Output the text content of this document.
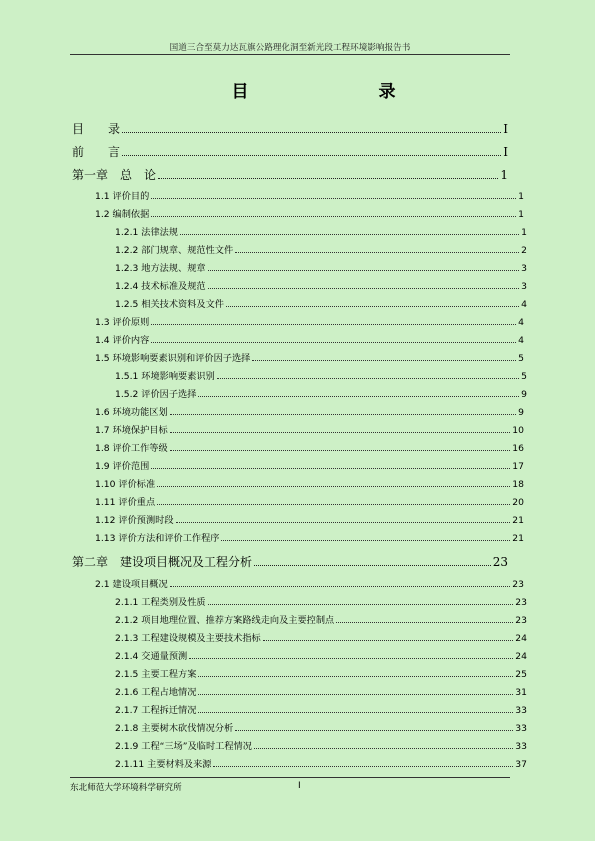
国道三合至莫力达瓦旗公路理化洞至新光段工程环境影响报告书
目　　录
目　　录	Ⅰ
前　　言	Ⅰ
第一章　总　论	1
1.1 评价目的	1
1.2 编制依据	1
1.2.1 法律法规	1
1.2.2 部门规章、规范性文件	2
1.2.3 地方法规、规章	3
1.2.4 技术标准及规范	3
1.2.5 相关技术资料及文件	4
1.3 评价原则	4
1.4 评价内容	4
1.5 环境影响要素识别和评价因子选择	5
1.5.1 环境影响要素识别	5
1.5.2 评价因子选择	9
1.6 环境功能区划	9
1.7 环境保护目标	10
1.8 评价工作等级	16
1.9 评价范围	17
1.10 评价标准	18
1.11 评价重点	20
1.12 评价预测时段	21
1.13 评价方法和评价工作程序	21
第二章　建设项目概况及工程分析	23
2.1 建设项目概况	23
2.1.1 工程类别及性质	23
2.1.2 项目地理位置、推荐方案路线走向及主要控制点	23
2.1.3 工程建设规模及主要技术指标	24
2.1.4 交通量预测	24
2.1.5 主要工程方案	25
2.1.6 工程占地情况	31
2.1.7 工程拆迁情况	33
2.1.8 主要树木砍伐情况分析	33
2.1.9 工程“三场”及临时工程情况	33
2.1.11 主要材料及来源	37
东北师范大学环境科学研究所	Ⅰ
